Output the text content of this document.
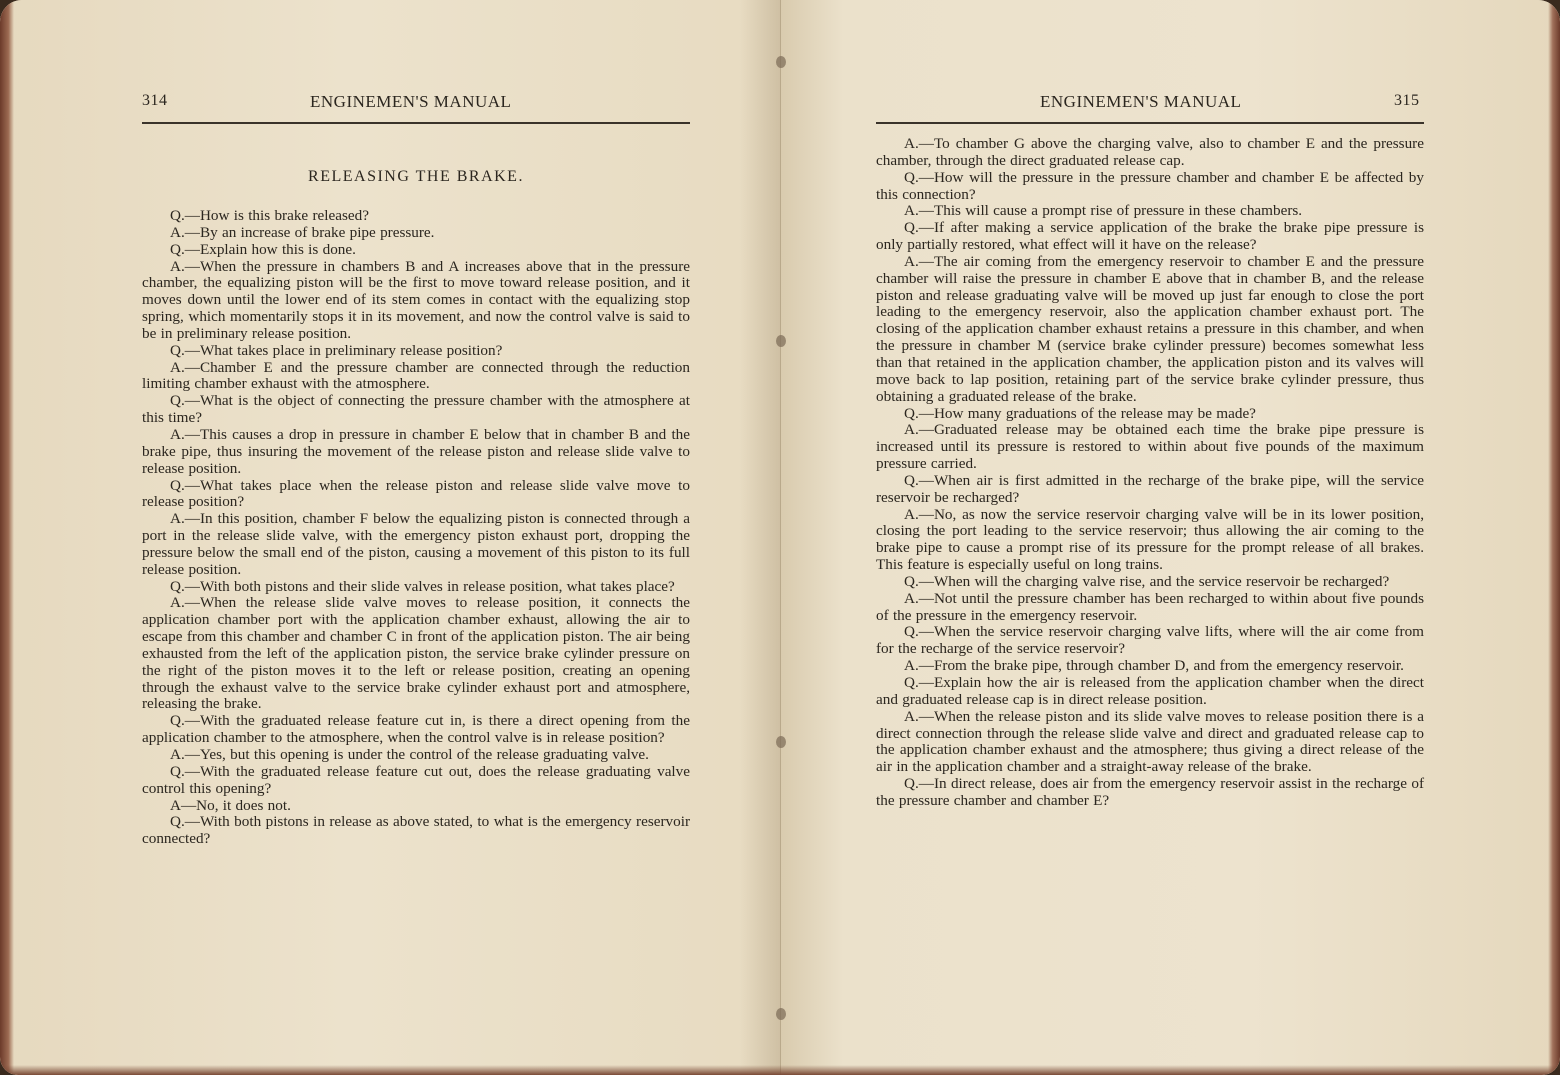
314	ENGINEMEN'S MANUAL
RELEASING THE BRAKE.

Q.—How is this brake released?

A.—By an increase of brake pipe pressure.

Q.—Explain how this is done.

A.—When the pressure in chambers B and A increases above that in the pressure chamber, the equalizing piston will be the first to move toward release position, and it moves down until the lower end of its stem comes in contact with the equalizing stop spring, which momentarily stops it in its movement, and now the control valve is said to be in preliminary release position.

Q.—What takes place in preliminary release position?

A.—Chamber E and the pressure chamber are connected through the reduction limiting chamber exhaust with the atmosphere.

Q.—What is the object of connecting the pressure chamber with the atmosphere at this time?

A.—This causes a drop in pressure in chamber E below that in chamber B and the brake pipe, thus insuring the movement of the release piston and release slide valve to release position.

Q.—What takes place when the release piston and release slide valve move to release position?

A.—In this position, chamber F below the equalizing piston is connected through a port in the release slide valve, with the emergency piston exhaust port, dropping the pressure below the small end of the piston, causing a movement of this piston to its full release position.

Q.—With both pistons and their slide valves in release position, what takes place?

A.—When the release slide valve moves to release position, it connects the application chamber port with the application chamber exhaust, allowing the air to escape from this chamber and chamber C in front of the application piston. The air being exhausted from the left of the application piston, the service brake cylinder pressure on the right of the piston moves it to the left or release position, creating an opening through the exhaust valve to the service brake cylinder exhaust port and atmosphere, releasing the brake.

Q.—With the graduated release feature cut in, is there a direct opening from the application chamber to the atmosphere, when the control valve is in release position?

A.—Yes, but this opening is under the control of the release graduating valve.

Q.—With the graduated release feature cut out, does the release graduating valve control this opening?

A—No, it does not.

Q.—With both pistons in release as above stated, to what is the emergency reservoir connected?

ENGINEMEN'S MANUAL	315

A.—To chamber G above the charging valve, also to chamber E and the pressure chamber, through the direct graduated release cap.

Q.—How will the pressure in the pressure chamber and chamber E be affected by this connection?

A.—This will cause a prompt rise of pressure in these chambers.

Q.—If after making a service application of the brake the brake pipe pressure is only partially restored, what effect will it have on the release?

A.—The air coming from the emergency reservoir to chamber E and the pressure chamber will raise the pressure in chamber E above that in chamber B, and the release piston and release graduating valve will be moved up just far enough to close the port leading to the emergency reservoir, also the application chamber exhaust port. The closing of the application chamber exhaust retains a pressure in this chamber, and when the pressure in chamber M (service brake cylinder pressure) becomes somewhat less than that retained in the application chamber, the application piston and its valves will move back to lap position, retaining part of the service brake cylinder pressure, thus obtaining a graduated release of the brake.

Q.—How many graduations of the release may be made?

A.—Graduated release may be obtained each time the brake pipe pressure is increased until its pressure is restored to within about five pounds of the maximum pressure carried.

Q.—When air is first admitted in the recharge of the brake pipe, will the service reservoir be recharged?

A.—No, as now the service reservoir charging valve will be in its lower position, closing the port leading to the service reservoir; thus allowing the air coming to the brake pipe to cause a prompt rise of its pressure for the prompt release of all brakes. This feature is especially useful on long trains.

Q.—When will the charging valve rise, and the service reservoir be recharged?

A.—Not until the pressure chamber has been recharged to within about five pounds of the pressure in the emergency reservoir.

Q.—When the service reservoir charging valve lifts, where will the air come from for the recharge of the service reservoir?

A.—From the brake pipe, through chamber D, and from the emergency reservoir.

Q.—Explain how the air is released from the application chamber when the direct and graduated release cap is in direct release position.

A.—When the release piston and its slide valve moves to release position there is a direct connection through the release slide valve and direct and graduated release cap to the application chamber exhaust and the atmosphere; thus giving a direct release of the air in the application chamber and a straight-away release of the brake.

Q.—In direct release, does air from the emergency reservoir assist in the recharge of the pressure chamber and chamber E?
